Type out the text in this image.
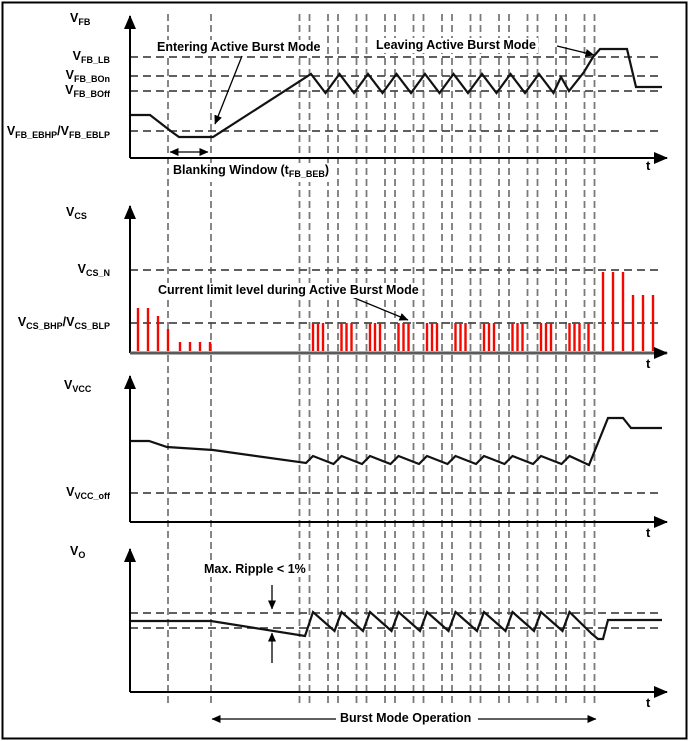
$V_{FB}$
$V_{CS}$
$V_{VCC}$
$V_O$
$V_{FB\_LB}$
$V_{FB\_BOn}$
$V_{FB\_BOff}$
$V_{FB\_EBHP}/V_{FB\_EBLP}$
$V_{CS\_N}$
$V_{CS\_BHP}/V_{CS\_BLP}$
$V_{VCC\_off}$
Entering Active Burst Mode	Leaving Active Burst Mode
Blanking Window $(t_{FB\_BEB})$
Current limit level during Active Burst Mode
Max. Ripple < 1%
Burst Mode Operation
t
t
t
t
